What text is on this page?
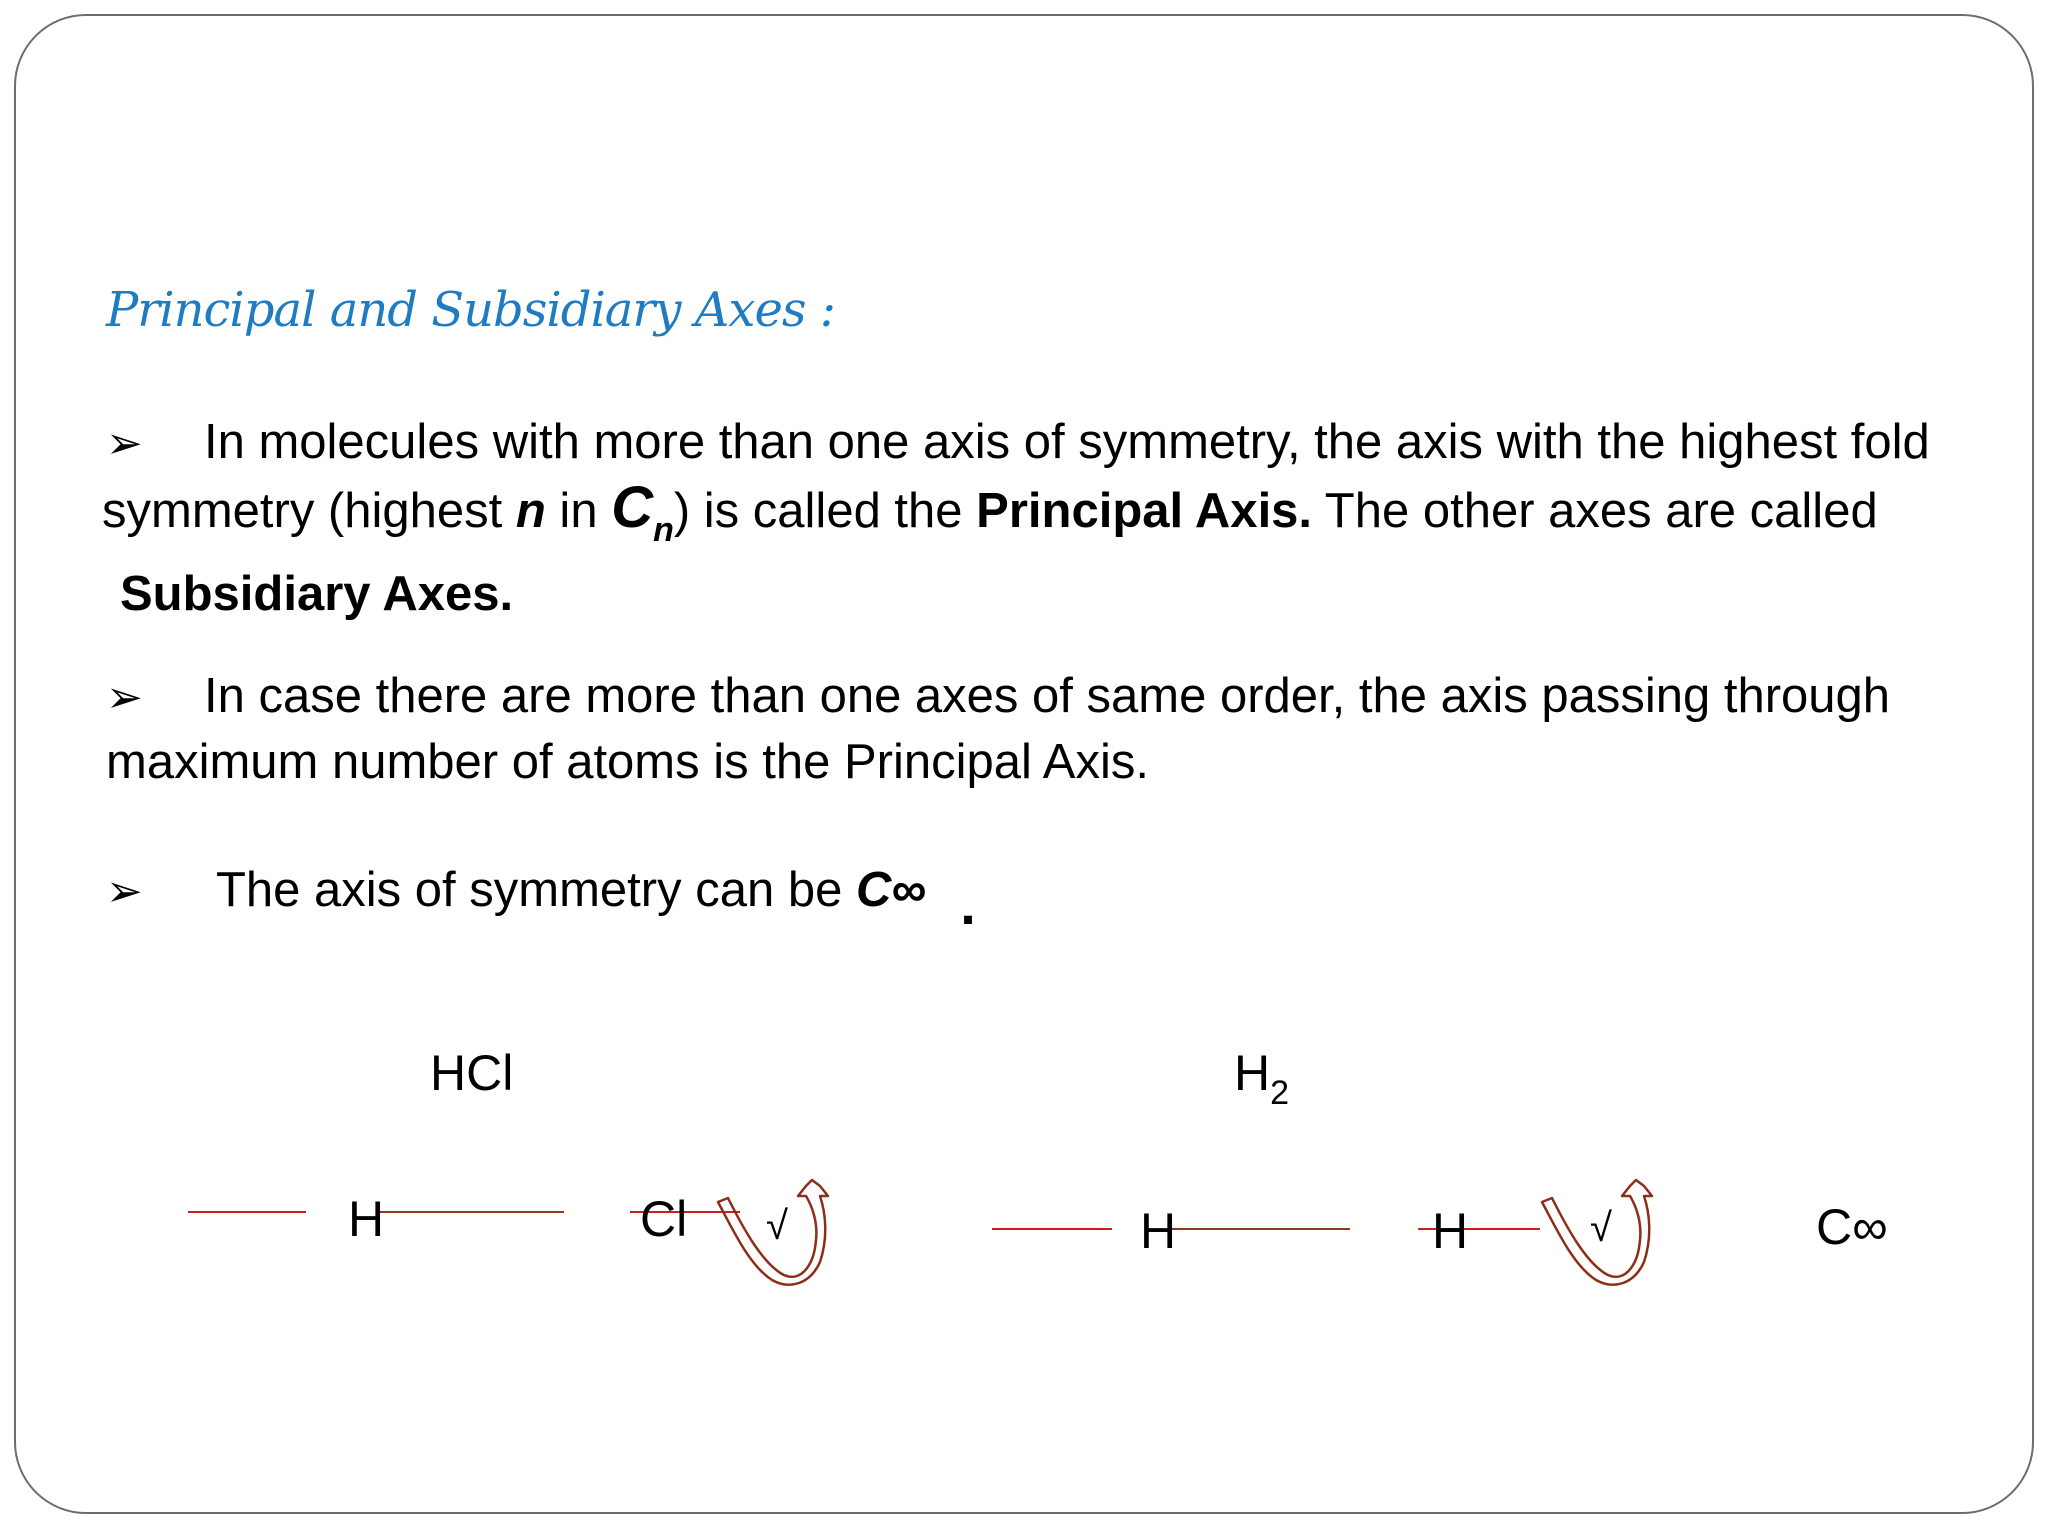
Principal and Subsidiary Axes :
➢ In molecules with more than one axis of symmetry, the axis with the highest fold
symmetry (highest n in $C_n$) is called the Principal Axis. The other axes are called
Subsidiary Axes.
➢ In case there are more than one axes of same order, the axis passing through
maximum number of atoms is the Principal Axis.
➢ The axis of symmetry can be C∞ .
HCl	$H_2$
H	Cl √	H	H	√	C∞
